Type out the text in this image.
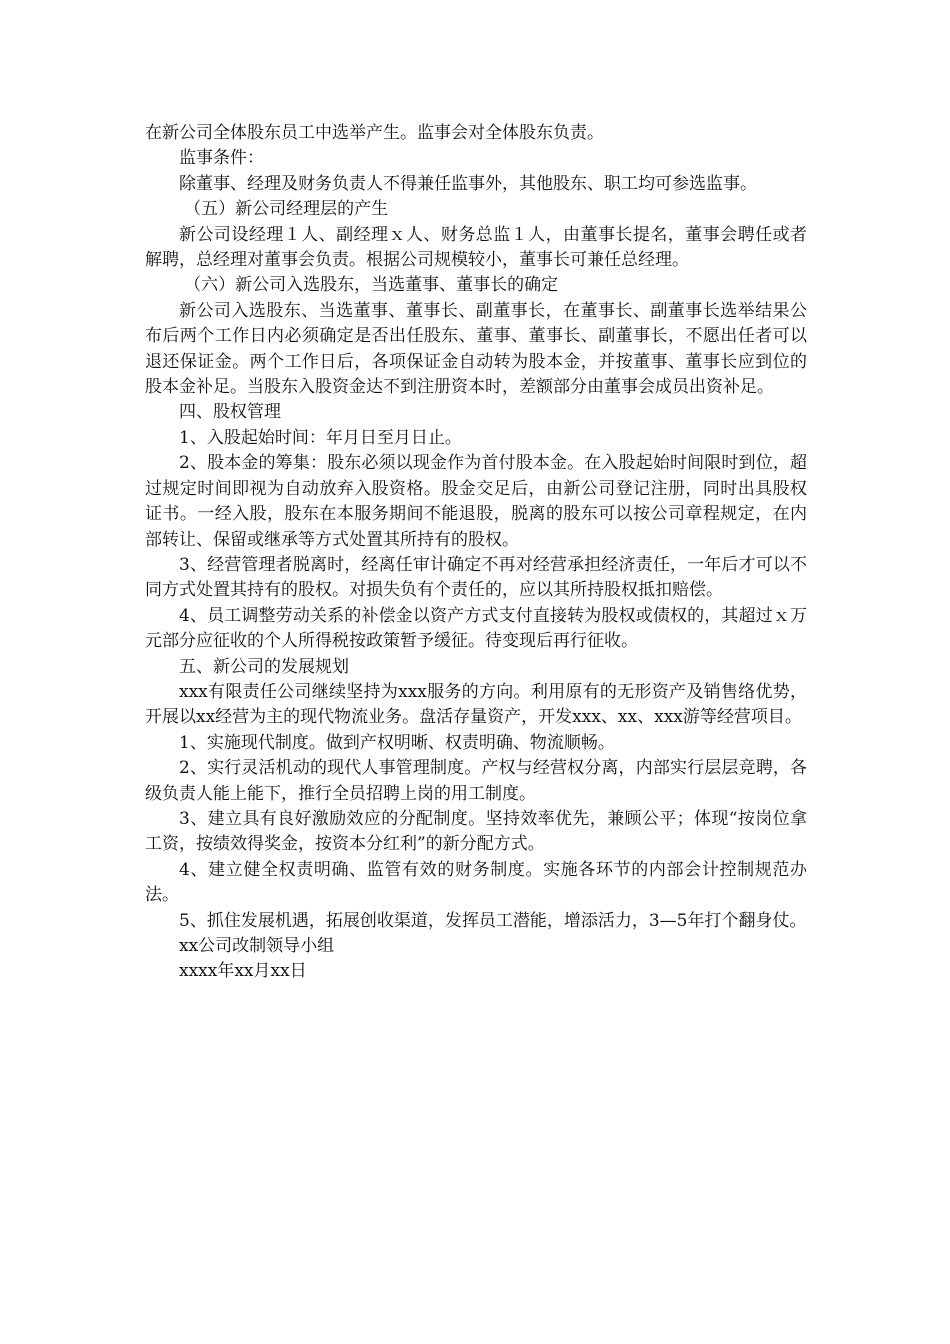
在新公司全体股东员工中选举产生。监事会对全体股东负责。

监事条件：

除董事、经理及财务负责人不得兼任监事外，其他股东、职工均可参选监事。

（五）新公司经理层的产生

新公司设经理１人、副经理ｘ人、财务总监１人，由董事长提名，董事会聘任或者解聘，总经理对董事会负责。根据公司规模较小，董事长可兼任总经理。

（六）新公司入选股东，当选董事、董事长的确定

新公司入选股东、当选董事、董事长、副董事长，在董事长、副董事长选举结果公布后两个工作日内必须确定是否出任股东、董事、董事长、副董事长，不愿出任者可以退还保证金。两个工作日后，各项保证金自动转为股本金，并按董事、董事长应到位的股本金补足。当股东入股资金达不到注册资本时，差额部分由董事会成员出资补足。

四、股权管理

1、入股起始时间：年月日至月日止。

2、股本金的筹集：股东必须以现金作为首付股本金。在入股起始时间限时到位，超过规定时间即视为自动放弃入股资格。股金交足后，由新公司登记注册，同时出具股权证书。一经入股，股东在本服务期间不能退股，脱离的股东可以按公司章程规定，在内部转让、保留或继承等方式处置其所持有的股权。

3、经营管理者脱离时，经离任审计确定不再对经营承担经济责任，一年后才可以不同方式处置其持有的股权。对损失负有个责任的，应以其所持股权抵扣赔偿。

4、员工调整劳动关系的补偿金以资产方式支付直接转为股权或债权的，其超过ｘ万元部分应征收的个人所得税按政策暂予缓征。待变现后再行征收。

五、新公司的发展规划

xxx有限责任公司继续坚持为xxx服务的方向。利用原有的无形资产及销售络优势，开展以xx经营为主的现代物流业务。盘活存量资产，开发xxx、xx、xxx游等经营项目。

1、实施现代制度。做到产权明晰、权责明确、物流顺畅。

2、实行灵活机动的现代人事管理制度。产权与经营权分离，内部实行层层竞聘，各级负责人能上能下，推行全员招聘上岗的用工制度。

3、建立具有良好激励效应的分配制度。坚持效率优先，兼顾公平；体现“按岗位拿工资，按绩效得奖金，按资本分红利”的新分配方式。

4、建立健全权责明确、监管有效的财务制度。实施各环节的内部会计控制规范办法。

5、抓住发展机遇，拓展创收渠道，发挥员工潜能，增添活力，3—5年打个翻身仗。

xx公司改制领导小组

xxxx年xx月xx日
